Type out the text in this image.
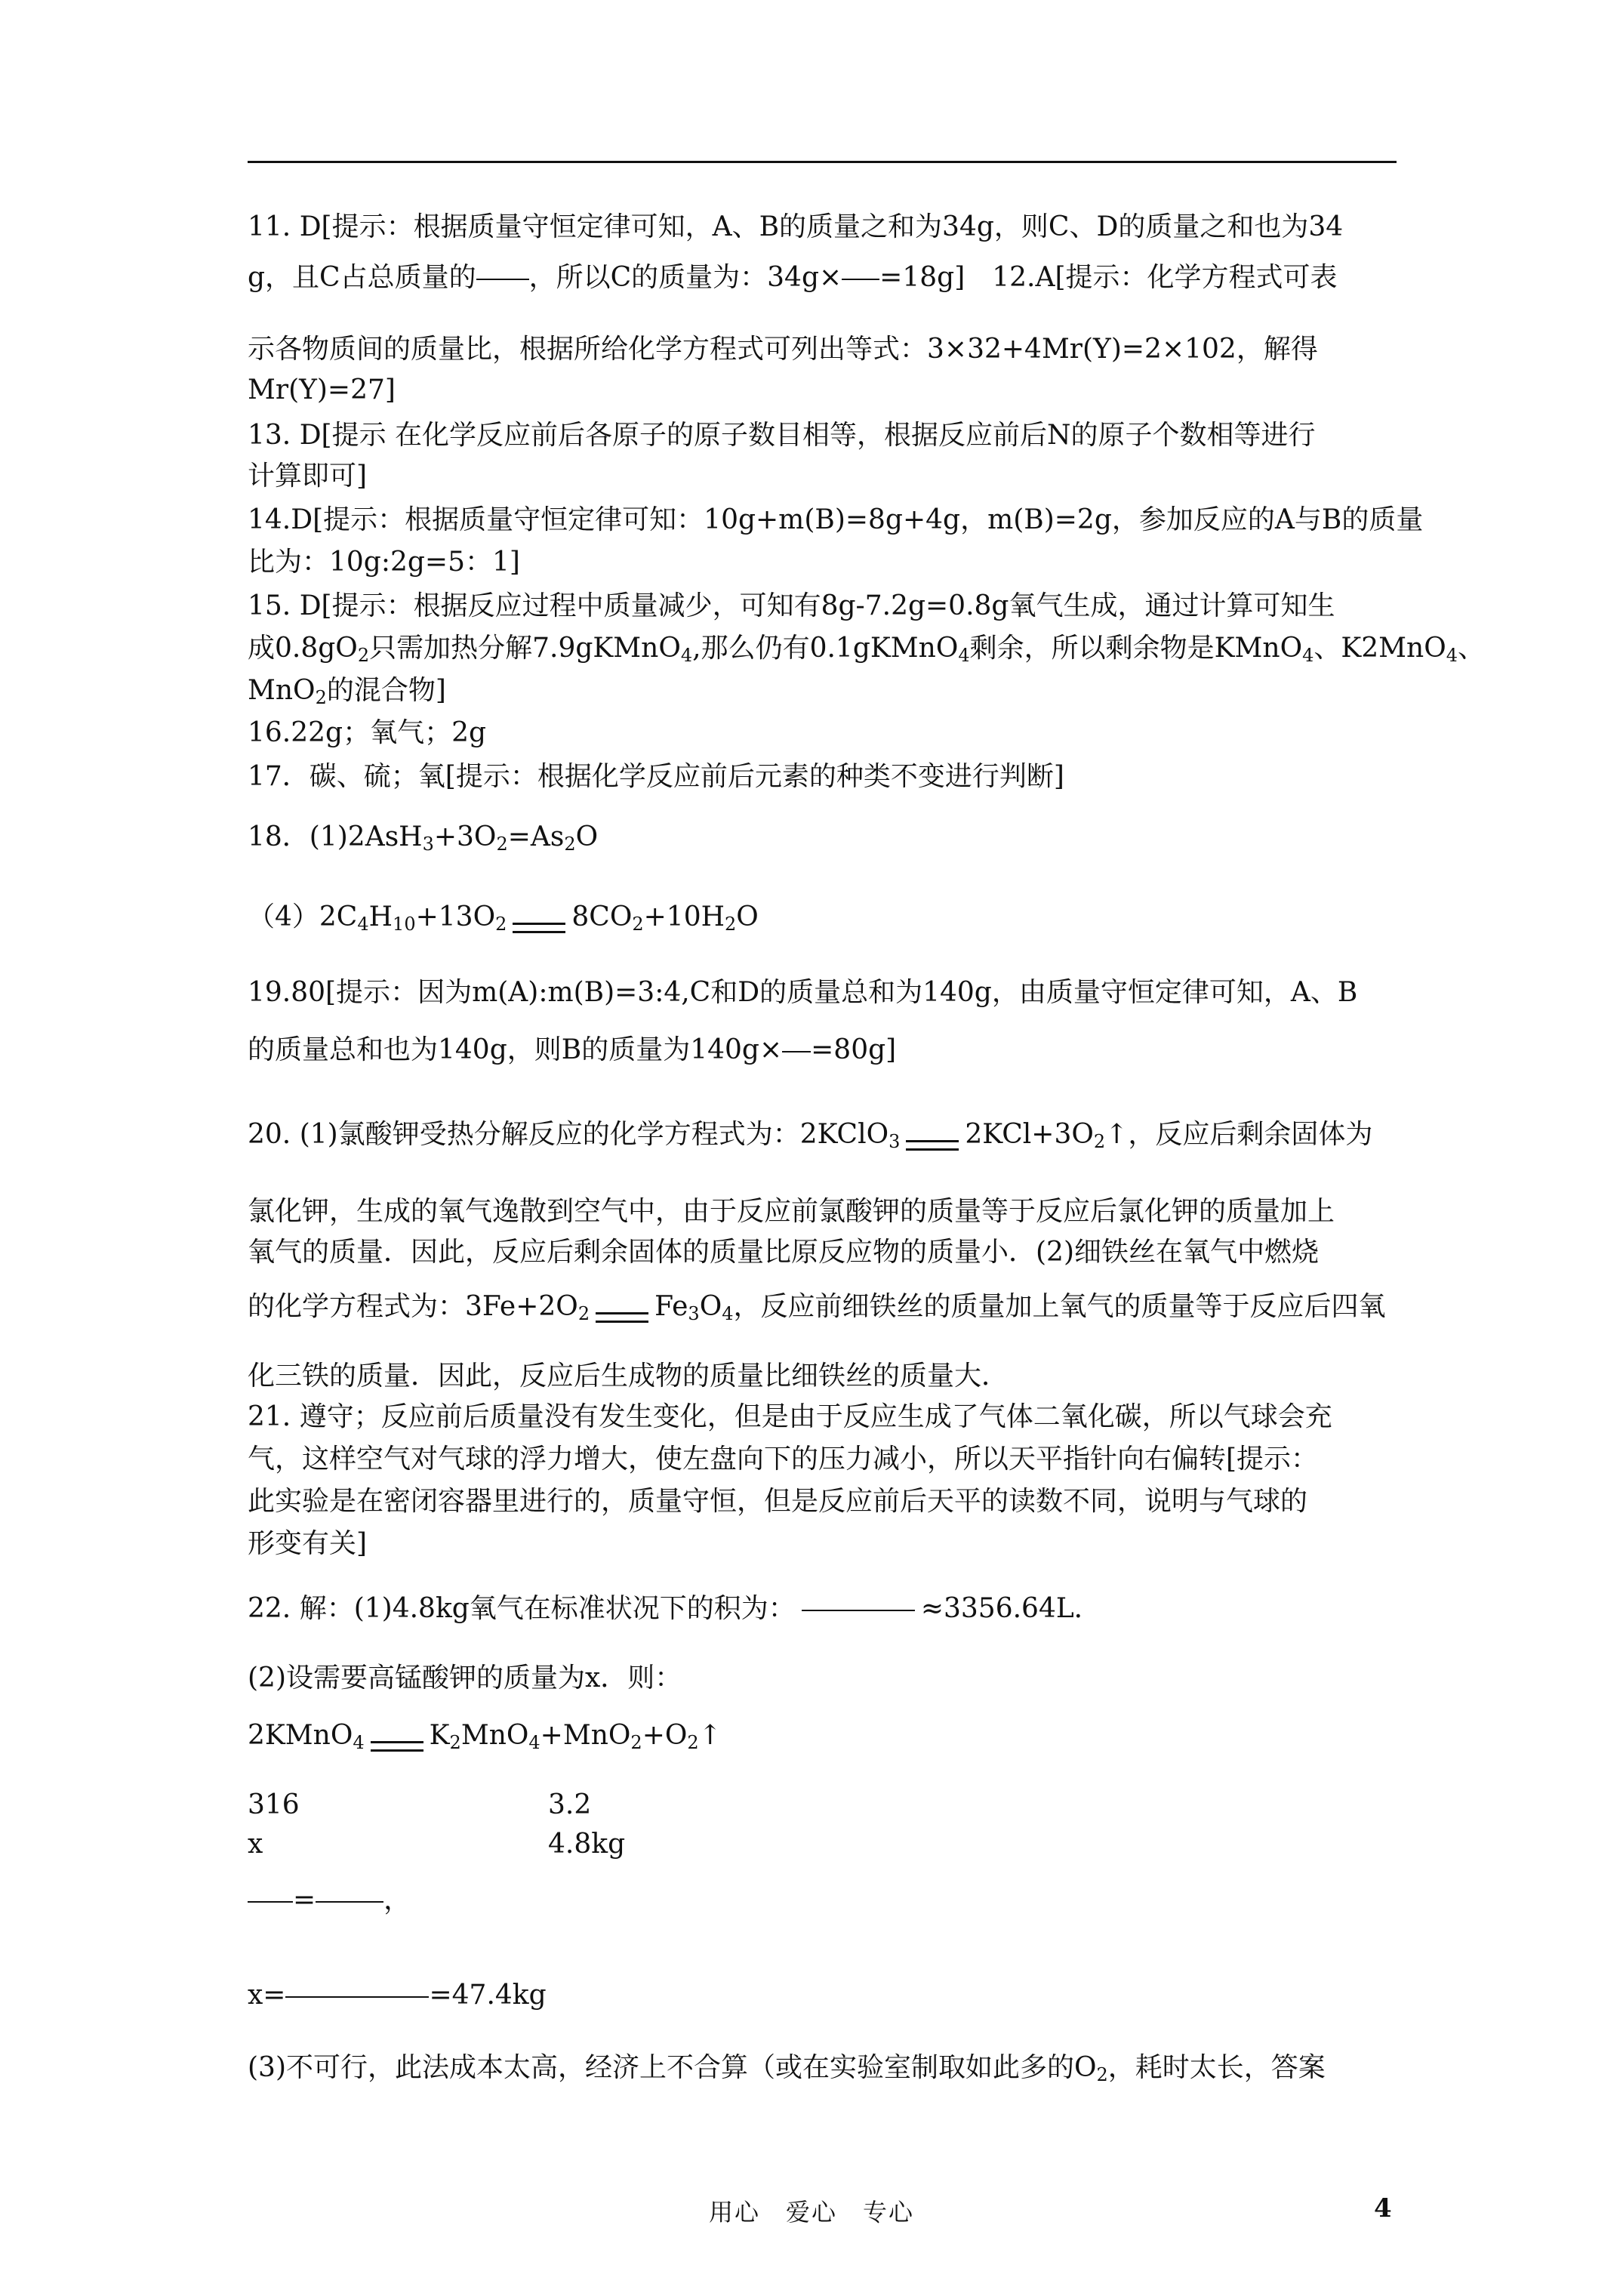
11. D[提示：根据质量守恒定律可知，A、B的质量之和为34g，则C、D的质量之和也为34
g，且C占总质量的 ，所以C的质量为：34g× =18g]　12.A[提示：化学方程式可表
示各物质间的质量比，根据所给化学方程式可列出等式：3×32+4Mr(Y)=2×102，解得
Mr(Y)=27]
13. D[提示 在化学反应前后各原子的原子数目相等，根据反应前后N的原子个数相等进行
计算即可]
14.D[提示：根据质量守恒定律可知：10g+m(B)=8g+4g，m(B)=2g，参加反应的A与B的质量
比为：10g:2g=5：1]
15. D[提示：根据反应过程中质量减少，可知有8g-7.2g=0.8g氧气生成，通过计算可知生
成$0.8gO_2$只需加热分解7.9gKMnO$_4$,那么仍有0.1gKMnO$_4$剩余，所以剩余物是KMnO$_4$、K2MnO$_4$、
MnO$_2$的混合物]
16.22g；氧气；2g
17．碳、硫；氧[提示：根据化学反应前后元素的种类不变进行判断]
18．$(1)2AsH_3+3O_2=As_2O$
$(4)2C_4H_{10}+13O_2$ $8CO_2+10H_2O$
19.80[提示：因为m(A):m(B)=3:4,C和D的质量总和为140g，由质量守恒定律可知，A、B
的质量总和也为140g，则B的质量为140g× =80g]
20. (1)氯酸钾受热分解反应的化学方程式为：2KClO$_3$ $2KCl+3O_2↑$，反应后剩余固体为
氯化钾，生成的氧气逸散到空气中，由于反应前氯酸钾的质量等于反应后氯化钾的质量加上
氧气的质量．因此，反应后剩余固体的质量比原反应物的质量小．(2)细铁丝在氧气中燃烧
的化学方程式为：$3Fe+2O_2$ $Fe_3O_4$，反应前细铁丝的质量加上氧气的质量等于反应后四氧
化三铁的质量．因此，反应后生成物的质量比细铁丝的质量大．
21. 遵守；反应前后质量没有发生变化，但是由于反应生成了气体二氧化碳，所以气球会充
气，这样空气对气球的浮力增大，使左盘向下的压力减小，所以天平指针向右偏转[提示：
此实验是在密闭容器里进行的，质量守恒，但是反应前后天平的读数不同，说明与气球的
形变有关]
22. 解：(1)4.8kg氧气在标准状况下的积为：	≈3356.64L．
(2)设需要高锰酸钾的质量为x．则：
2KMnO$_4$ $K_2MnO_4+MnO_2+O_2↑$
316	3.2
x	4.8kg
=	，
x=	=47.4kg
(3)不可行，此法成本太高，经济上不合算（或在实验室制取如此多的$O_2$，耗时太长，答案
用心　爱心　专心	4
